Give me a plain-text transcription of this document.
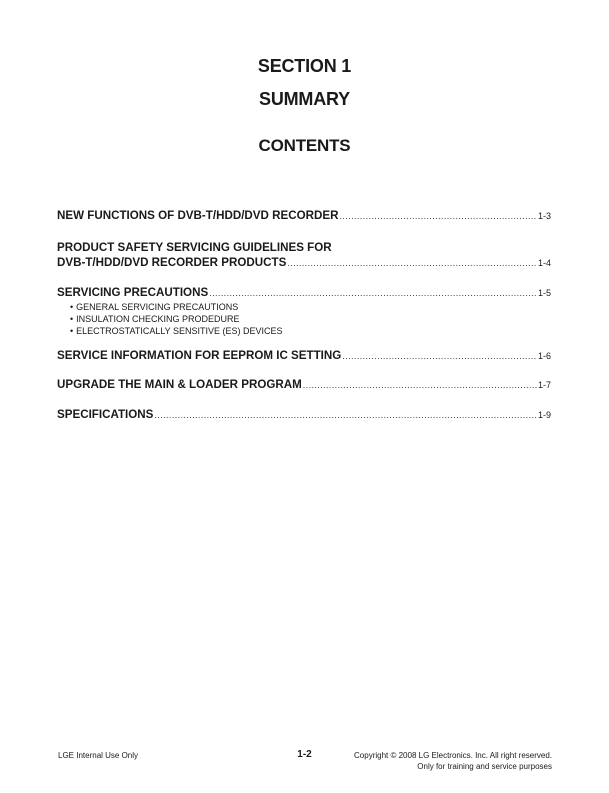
SECTION 1
SUMMARY
CONTENTS
NEW FUNCTIONS OF DVB-T/HDD/DVD RECORDER .....	1-3
PRODUCT SAFETY SERVICING GUIDELINES FOR
DVB-T/HDD/DVD RECORDER PRODUCTS .....	1-4
SERVICING PRECAUTIONS .....	1-5
• GENERAL SERVICING PRECAUTIONS
• INSULATION CHECKING PRODEDURE
• ELECTROSTATICALLY SENSITIVE (ES) DEVICES
SERVICE INFORMATION FOR EEPROM IC SETTING .....	1-6
UPGRADE THE MAIN & LOADER PROGRAM .....	1-7
SPECIFICATIONS .....	1-9
LGE Internal Use Only	1-2	Copyright © 2008 LG Electronics. Inc. All right reserved.
Only for training and service purposes
